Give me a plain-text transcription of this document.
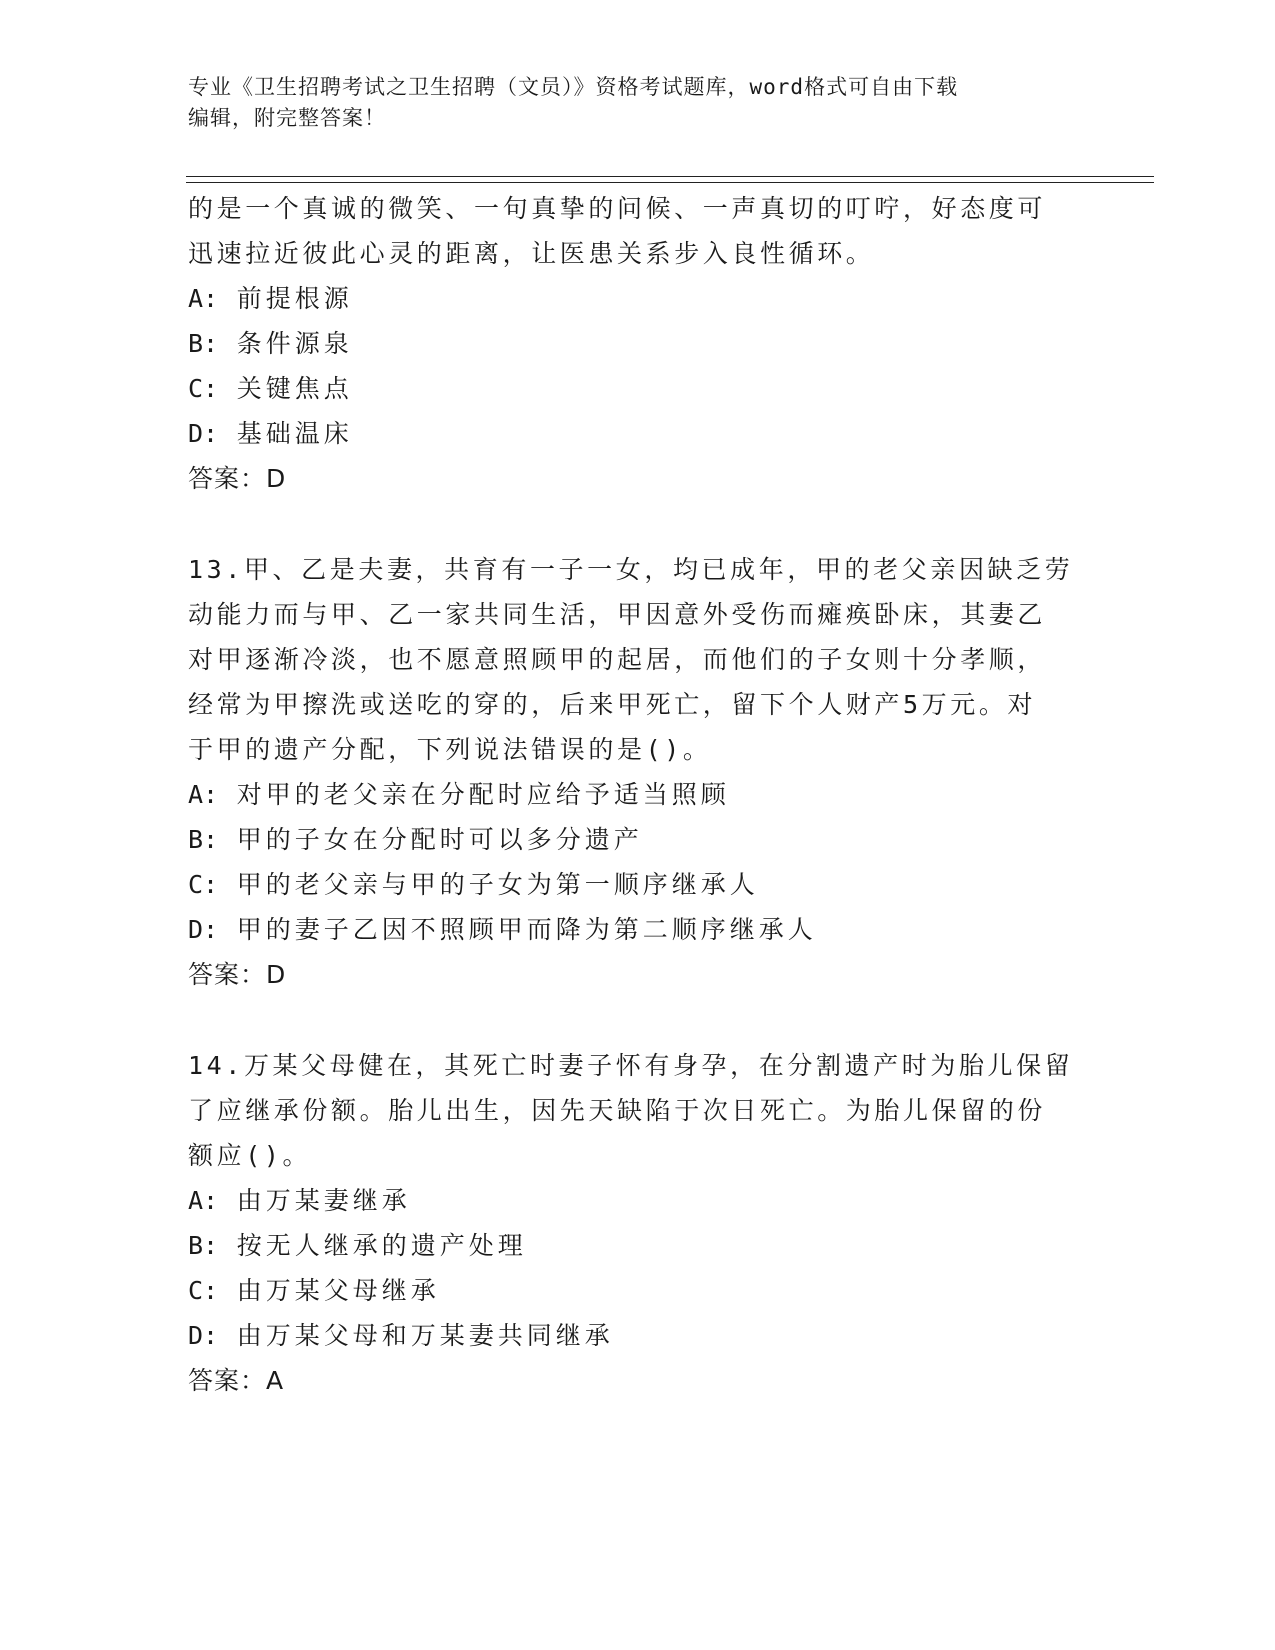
专业《卫生招聘考试之卫生招聘（文员）》资格考试题库，word格式可自由下载
编辑，附完整答案！
的是一个真诚的微笑、一句真挚的问候、一声真切的叮咛，好态度可
迅速拉近彼此心灵的距离，让医患关系步入良性循环。
A: 前提根源
B: 条件源泉
C: 关键焦点
D: 基础温床
答案：D
13.甲、乙是夫妻，共育有一子一女，均已成年，甲的老父亲因缺乏劳
动能力而与甲、乙一家共同生活，甲因意外受伤而瘫痪卧床，其妻乙
对甲逐渐冷淡，也不愿意照顾甲的起居，而他们的子女则十分孝顺，
经常为甲擦洗或送吃的穿的，后来甲死亡，留下个人财产5万元。对
于甲的遗产分配，下列说法错误的是()。
A: 对甲的老父亲在分配时应给予适当照顾
B: 甲的子女在分配时可以多分遗产
C: 甲的老父亲与甲的子女为第一顺序继承人
D: 甲的妻子乙因不照顾甲而降为第二顺序继承人
答案：D
14.万某父母健在，其死亡时妻子怀有身孕，在分割遗产时为胎儿保留
了应继承份额。胎儿出生，因先天缺陷于次日死亡。为胎儿保留的份
额应()。
A: 由万某妻继承
B: 按无人继承的遗产处理
C: 由万某父母继承
D: 由万某父母和万某妻共同继承
答案：A
